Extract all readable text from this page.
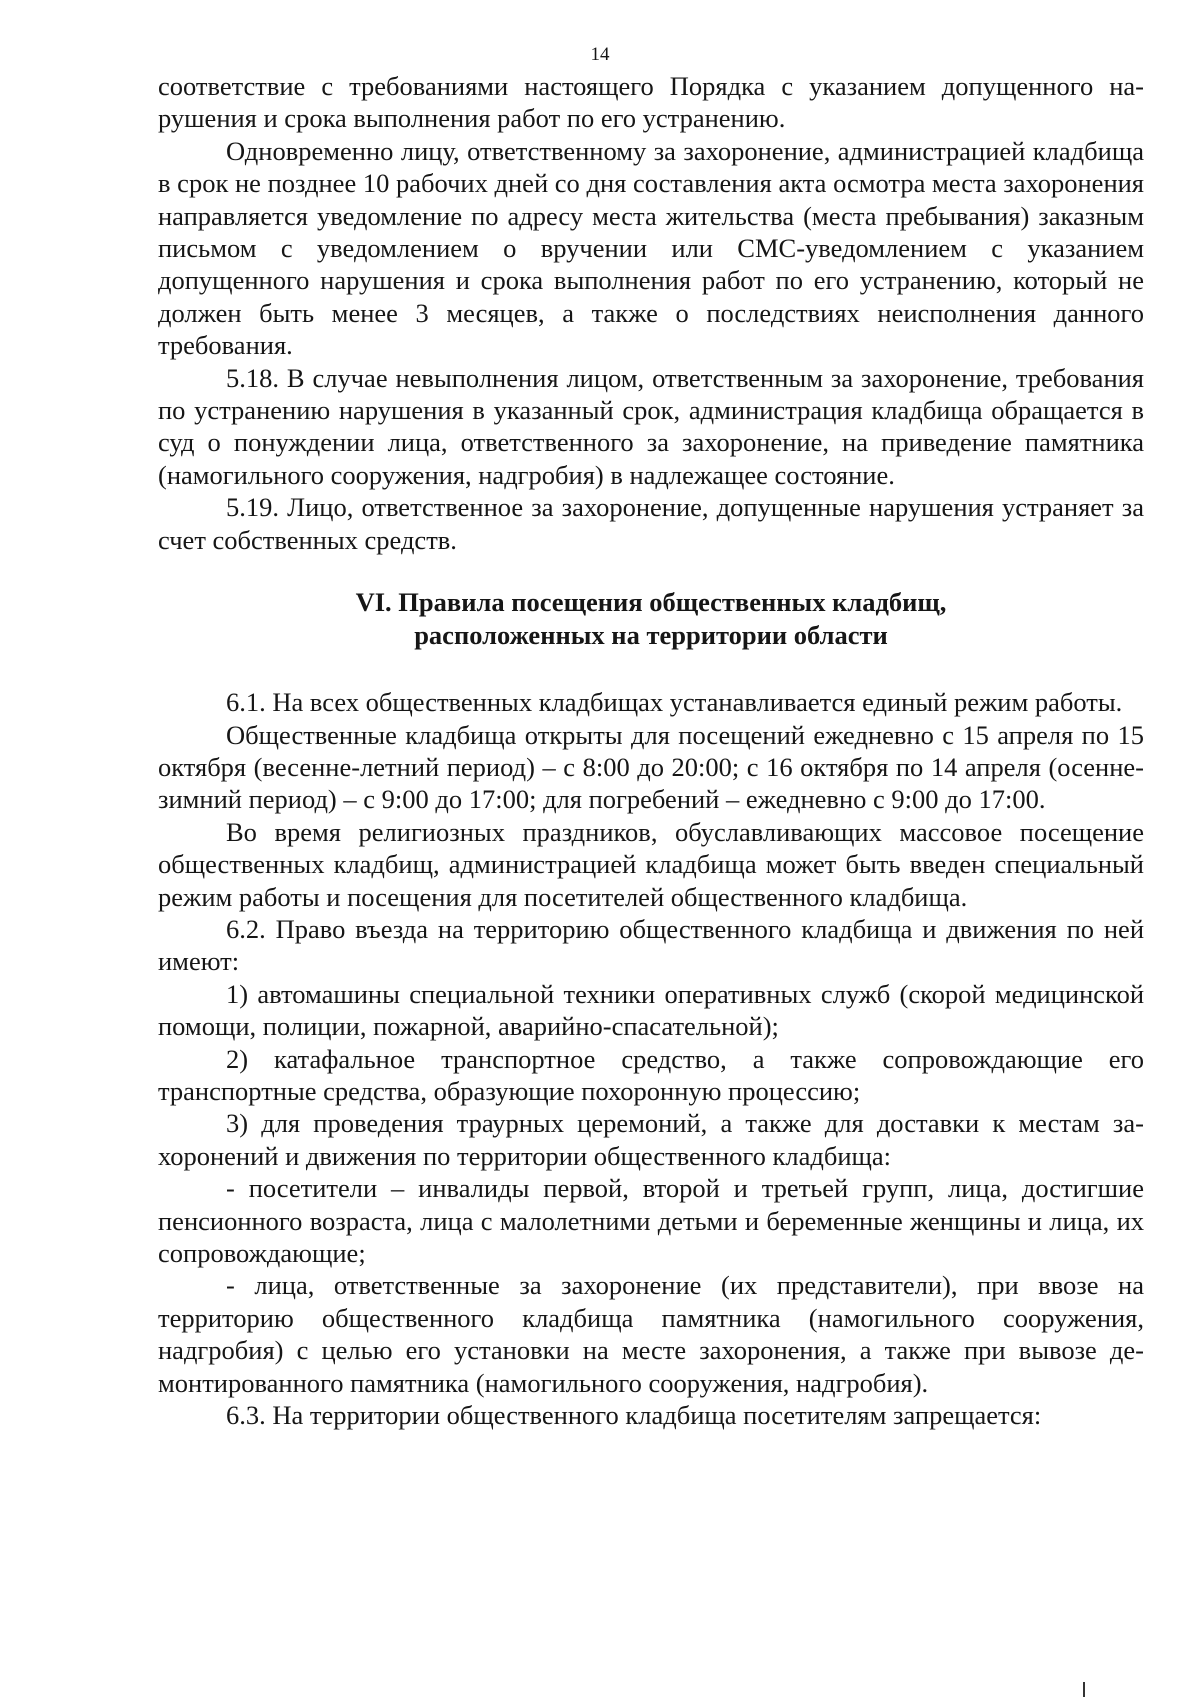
14

соответствие с требованиями настоящего Порядка с указанием допущенного нарушения и срока выполнения работ по его устранению.

Одновременно лицу, ответственному за захоронение, администрацией кладбища в срок не позднее 10 рабочих дней со дня составления акта осмотра места захоронения направляется уведомление по адресу места жительства (места пребывания) заказным письмом с уведомлением о вручении или СМС-уведомлением с указанием допущенного нарушения и срока выполнения работ по его устранению, который не должен быть менее 3 месяцев, а также о последствиях неисполнения данного требования.

5.18. В случае невыполнения лицом, ответственным за захоронение, требования по устранению нарушения в указанный срок, администрация кладбища обращается в суд о понуждении лица, ответственного за захоронение, на приведение памятника (намогильного сооружения, надгробия) в надлежащее состояние.

5.19. Лицо, ответственное за захоронение, допущенные нарушения устраняет за счет собственных средств.

VI. Правила посещения общественных кладбищ,
расположенных на территории области

6.1. На всех общественных кладбищах устанавливается единый режим работы.

Общественные кладбища открыты для посещений ежедневно с 15 апреля по 15 октября (весенне-летний период) – с 8:00 до 20:00; с 16 октября по 14 апреля (осенне-зимний период) – с 9:00 до 17:00; для погребений – ежедневно с 9:00 до 17:00.

Во время религиозных праздников, обуславливающих массовое посещение общественных кладбищ, администрацией кладбища может быть введен специальный режим работы и посещения для посетителей общественного кладбища.

6.2. Право въезда на территорию общественного кладбища и движения по ней имеют:

1) автомашины специальной техники оперативных служб (скорой медицинской помощи, полиции, пожарной, аварийно-спасательной);

2) катафальное транспортное средство, а также сопровождающие его транспортные средства, образующие похоронную процессию;

3) для проведения траурных церемоний, а также для доставки к местам захоронений и движения по территории общественного кладбища:

- посетители – инвалиды первой, второй и третьей групп, лица, достигшие пенсионного возраста, лица с малолетними детьми и беременные женщины и лица, их сопровождающие;

- лица, ответственные за захоронение (их представители), при ввозе на территорию общественного кладбища памятника (намогильного сооружения, надгробия) с целью его установки на месте захоронения, а также при вывозе демонтированного памятника (намогильного сооружения, надгробия).

6.3. На территории общественного кладбища посетителям запрещается:
